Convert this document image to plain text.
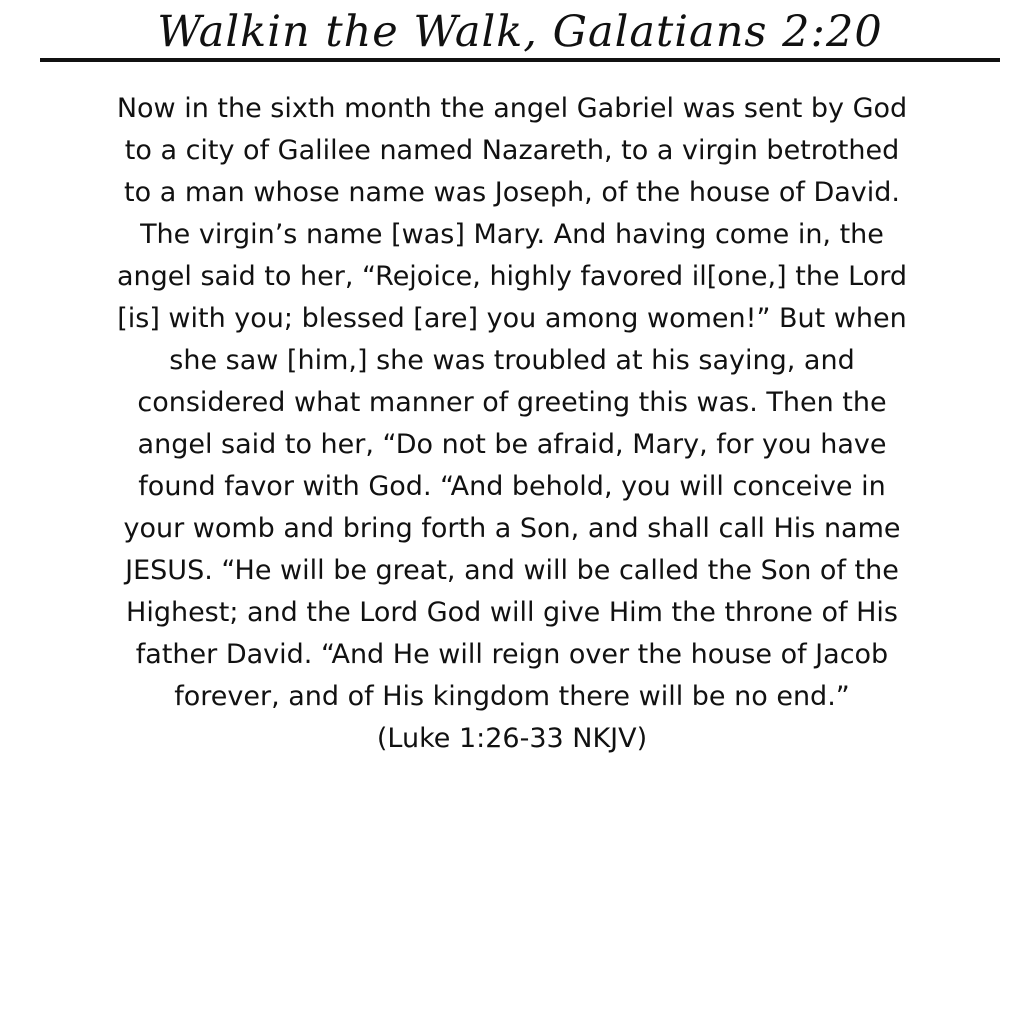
Walkin the Walk, Galatians 2:20
Now in the sixth month the angel Gabriel was sent by God
to a city of Galilee named Nazareth, to a virgin betrothed
to a man whose name was Joseph, of the house of David.
The virgin’s name [was] Mary. And having come in, the
angel said to her, “Rejoice, highly favored il[one,] the Lord
[is] with you; blessed [are] you among women!” But when
she saw [him,] she was troubled at his saying, and
considered what manner of greeting this was. Then the
angel said to her, “Do not be afraid, Mary, for you have
found favor with God. “And behold, you will conceive in
your womb and bring forth a Son, and shall call His name
JESUS. “He will be great, and will be called the Son of the
Highest; and the Lord God will give Him the throne of His
father David. “And He will reign over the house of Jacob
forever, and of His kingdom there will be no end.”
(Luke 1:26-33 NKJV)
